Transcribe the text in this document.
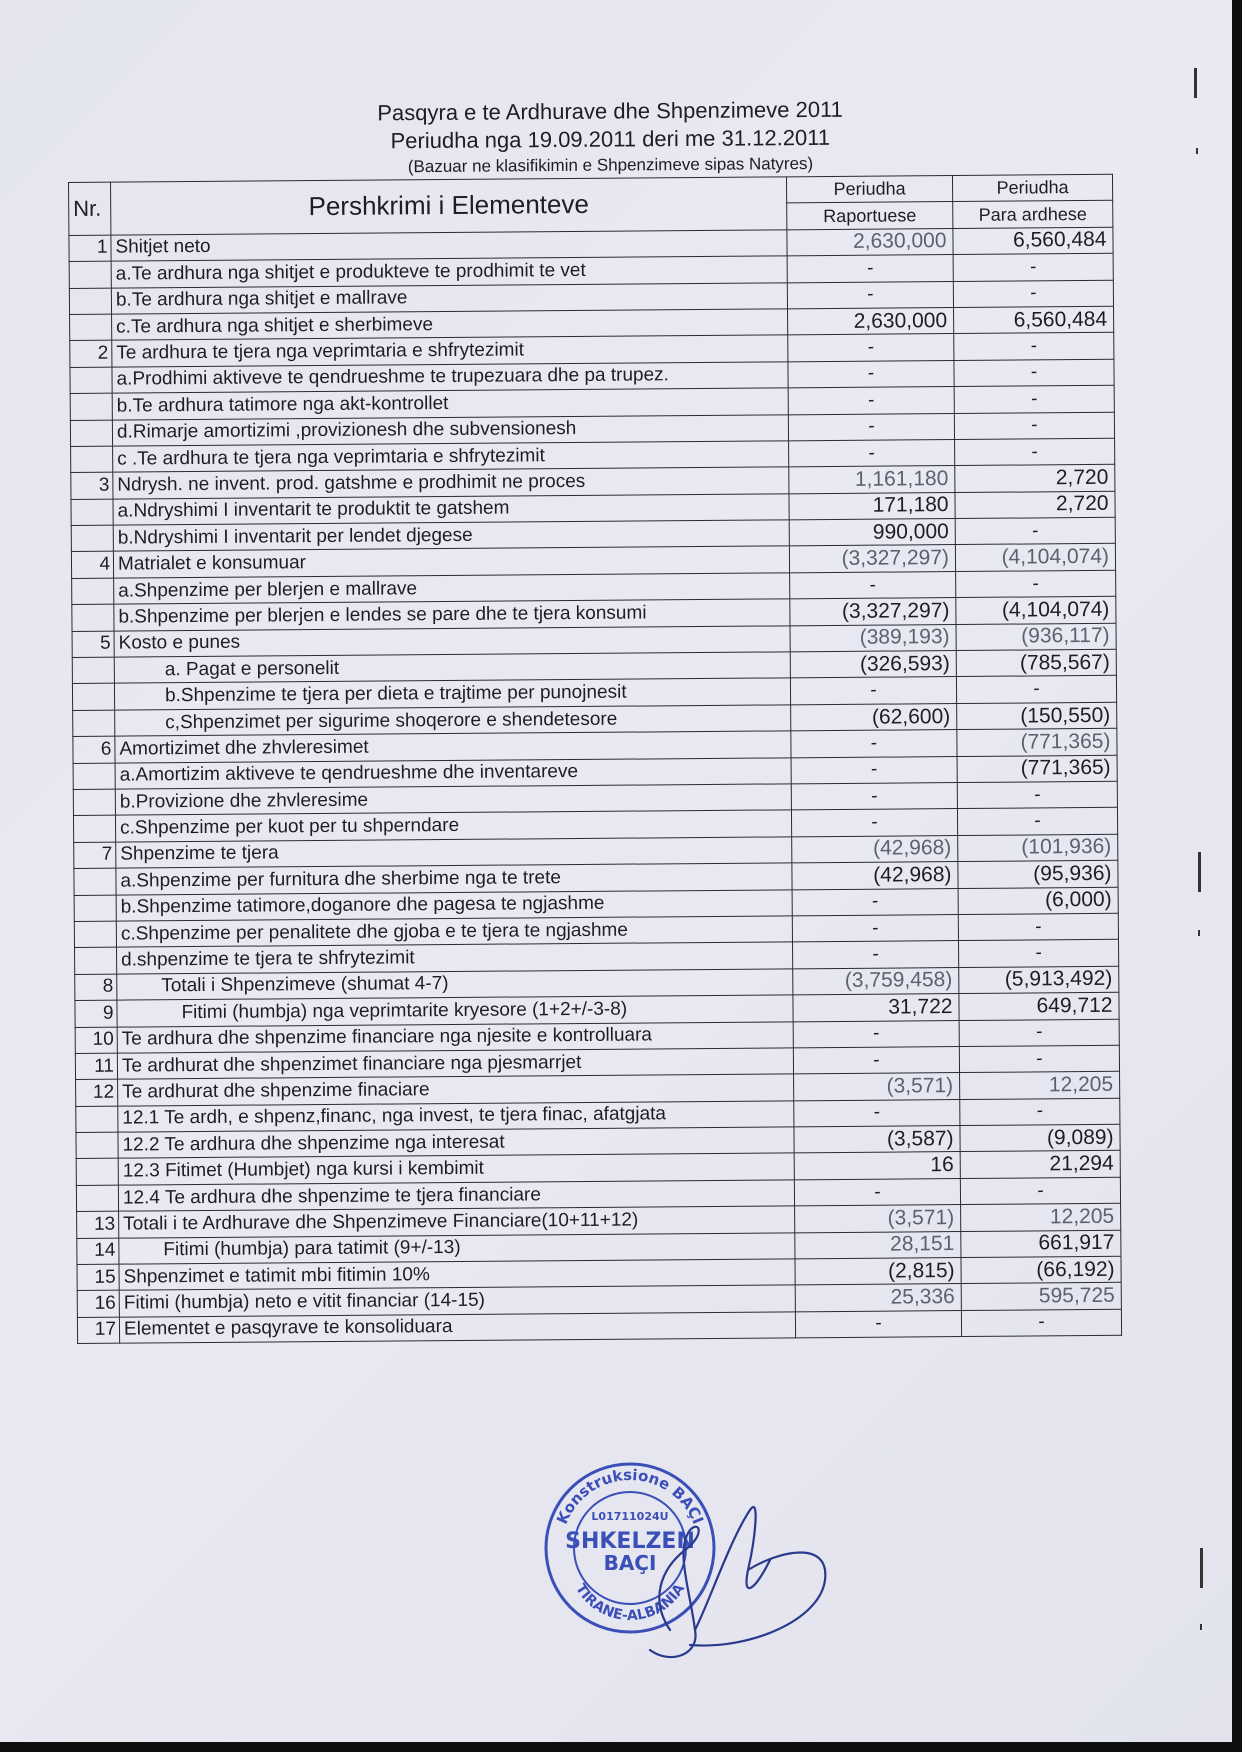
Pasqyra e te Ardhurave dhe Shpenzimeve 2011
Periudha nga 19.09.2011 deri me 31.12.2011
(Bazuar ne klasifikimin e Shpenzimeve sipas Natyres)
Nr.	Pershkrimi i Elementeve	Periudha	Periudha
		Raportuese	Para ardhese
1	Shitjet neto	2,630,000	6,560,484
	a.Te ardhura nga shitjet e produkteve te prodhimit te vet	-	-
	b.Te ardhura nga shitjet e mallrave	-	-
	c.Te ardhura nga shitjet e sherbimeve	2,630,000	6,560,484
2	Te ardhura te tjera nga veprimtaria e shfrytezimit	-	-
	a.Prodhimi aktiveve te qendrueshme te trupezuara dhe pa trupez.	-	-
	b.Te ardhura tatimore nga akt-kontrollet	-	-
	d.Rimarje amortizimi ,provizionesh dhe subvensionesh	-	-
	c .Te ardhura te tjera nga veprimtaria e shfrytezimit	-	-
3	Ndrysh. ne invent. prod. gatshme e prodhimit ne proces	1,161,180	2,720
	a.Ndryshimi I inventarit te produktit te gatshem	171,180	2,720
	b.Ndryshimi I inventarit per lendet djegese	990,000	-
4	Matrialet e konsumuar	(3,327,297)	(4,104,074)
	a.Shpenzime per blerjen e mallrave	-	-
	b.Shpenzime per blerjen e lendes se pare dhe te tjera konsumi	(3,327,297)	(4,104,074)
5	Kosto e punes	(389,193)	(936,117)
	a. Pagat e personelit	(326,593)	(785,567)
	b.Shpenzime te tjera per dieta e trajtime per punojnesit	-	-
	c,Shpenzimet per sigurime shoqerore e shendetesore	(62,600)	(150,550)
6	Amortizimet dhe zhvleresimet	-	(771,365)
	a.Amortizim aktiveve te qendrueshme dhe inventareve	-	(771,365)
	b.Provizione dhe zhvleresime	-	-
	c.Shpenzime per kuot per tu shperndare	-	-
7	Shpenzime te tjera	(42,968)	(101,936)
	a.Shpenzime per furnitura dhe sherbime nga te trete	(42,968)	(95,936)
	b.Shpenzime tatimore,doganore dhe pagesa te ngjashme	-	(6,000)
	c.Shpenzime per penalitete dhe gjoba e te tjera te ngjashme	-	-
	d.shpenzime te tjera te shfrytezimit	-	-
8	Totali i Shpenzimeve (shumat 4-7)	(3,759,458)	(5,913,492)
9	Fitimi (humbja) nga veprimtarite kryesore (1+2+/-3-8)	31,722	649,712
10	Te ardhura dhe shpenzime financiare nga njesite e kontrolluara	-	-
11	Te ardhurat dhe shpenzimet financiare nga pjesmarrjet	-	-
12	Te ardhurat dhe shpenzime finaciare	(3,571)	12,205
	12.1 Te ardh, e shpenz,financ, nga invest, te tjera finac, afatgjata	-	-
	12.2 Te ardhura dhe shpenzime nga interesat	(3,587)	(9,089)
	12.3 Fitimet (Humbjet) nga kursi i kembimit	16	21,294
	12.4 Te ardhura dhe shpenzime te tjera financiare	-	-
13	Totali i te Ardhurave dhe Shpenzimeve Financiare(10+11+12)	(3,571)	12,205
14	Fitimi (humbja) para tatimit (9+/-13)	28,151	661,917
15	Shpenzimet e tatimit mbi fitimin 10%	(2,815)	(66,192)
16	Fitimi (humbja) neto e vitit financiar (14-15)	25,336	595,725
17	Elementet e pasqyrave te konsoliduara	-	-
Konstruksione BAÇI
L01711024U
SHKELZEN
BAÇI
TIRANE-ALBANIA
